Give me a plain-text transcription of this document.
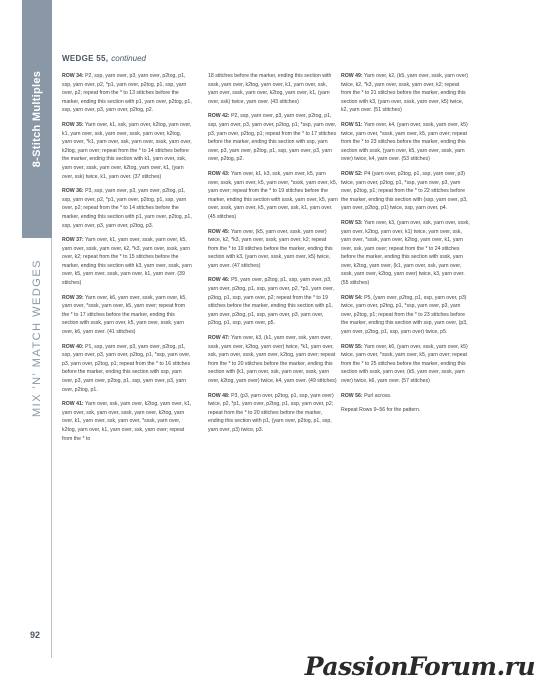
8-Stitch Multiples
MIX 'N' MATCH WEDGES
92
WEDGE 55, continued

ROW 34: P2, ssp, yarn over, p3, yarn over, p2tog, p1, ssp, yarn over, p2, *p1, yarn over, p2tog, p1, ssp, yarn over, p2; repeat from the * to 13 stitches before the marker, ending this section with p1, yarn over, p2tog, p1, ssp, yarn over, p3, yarn over, p2tog, p2.

ROW 35: Yarn over, k1, ssk, yarn over, k2tog, yarn over, k1, yarn over, ssk, yarn over, sssk, yarn over, k2tog, yarn over, *k1, yarn over, ssk, yarn over, sssk, yarn over, k2tog, yarn over; repeat from the * to 14 stitches before the marker, ending this section with k1, yarn over, ssk, yarn over, sssk, yarn over, k2tog, yarn over, k1, (yarn over, ssk) twice, k1, yarn over. (37 stitches)

ROW 36: P3, ssp, yarn over, p3, yarn over, p2tog, p1, ssp, yarn over, p2, *p1, yarn over, p2tog, p1, ssp, yarn over, p2; repeat from the * to 14 stitches before the marker, ending this section with p1, yarn over, p2tog, p1, ssp, yarn over, p3, yarn over, p2tog, p3.

ROW 37: Yarn over, k1, yarn over, sssk, yarn over, k5, yarn over, sssk, yarn over, k2, *k3, yarn over, sssk, yarn over, k2; repeat from the * to 15 stitches before the marker, ending this section with k3, yarn over, sssk, yarn over, k5, yarn over, sssk, yarn over, k1, yarn over. (39 stitches)

ROW 39: Yarn over, k6, yarn over, sssk, yarn over, k5, yarn over, *sssk, yarn over, k5, yarn over; repeat from the * to 17 stitches before the marker, ending this section with sssk, yarn over, k5, yarn over, sssk, yarn over, k6, yarn over. (41 stitches)

ROW 40: P1, ssp, yarn over, p3, yarn over, p2tog, p1, ssp, yarn over, p3, yarn over, p2tog, p1, *ssp, yarn over, p3, yarn over, p2tog, p1; repeat from the * to 16 stitches before the marker, ending this section with ssp, yarn over, p3, yarn over, p2tog, p1, ssp, yarn over, p3, yarn over, p2tog, p1.

ROW 41: Yarn over, ssk, yarn over, k2tog, yarn over, k1, yarn over, ssk, yarn over, sssk, yarn over, k2tog, yarn over, k1, yarn over, ssk, yarn over, *sssk, yarn over, k2tog, yarn over, k1, yarn over, ssk, yarn over; repeat from the * to

18 stitches before the marker, ending this section with sssk, yarn over, k2tog, yarn over, k1, yarn over, ssk, yarn over, sssk, yarn over, k2tog, yarn over, k1, (yarn over, ssk) twice, yarn over. (43 stitches)

ROW 42: P2, ssp, yarn over, p3, yarn over, p2tog, p1, ssp, yarn over, p3, yarn over, p2tog, p1; *ssp, yarn over, p3, yarn over, p2tog, p1; repeat from the * to 17 stitches before the marker, ending this section with ssp, yarn over, p3, yarn over, p2tog, p1, ssp, yarn over, p3, yarn over, p2tog, p2.

ROW 43: Yarn over, k1, k3, ssk, yarn over, k5, yarn over, sssk, yarn over, k5, yarn over, *sssk, yarn over, k5, yarn over; repeat from the * to 19 stitches before the marker, ending this section with sssk, yarn over, k5, yarn over, sssk, yarn over, k5, yarn over, ssk, k1, yarn over. (45 stitches)

ROW 45: Yarn over, (k5, yarn over, sssk, yarn over) twice, k2, *k3, yarn over, sssk, yarn over, k2; repeat from the * to 19 stitches before the marker, ending this section with k3, (yarn over, sssk, yarn over, k5) twice, yarn over. (47 stitches)

ROW 46: P5, yarn over, p2tog, p1, ssp, yarn over, p3, yarn over, p2tog, p1, ssp, yarn over, p2, *p1, yarn over, p2tog, p1, ssp, yarn over, p2; repeat from the * to 19 stitches before the marker, ending this section with p1, yarn over, p2tog, p1, ssp, yarn over, p3, yarn over, p2tog, p1, ssp, yarn over, p5.

ROW 47: Yarn over, k3, (k1, yarn over, ssk, yarn over, sssk, yarn over, k2tog, yarn over) twice, *k1, yarn over, ssk, yarn over, sssk, yarn over, k2tog, yarn over; repeat from the * to 20 stitches before the marker, ending this section with (k1, yarn over, ssk, yarn over, sssk, yarn over, k2tog, yarn over) twice, k4, yarn over. (49 stitches)

ROW 48: P3, (p3, yarn over, p2tog, p1, ssp, yarn over) twice, p2, *p1, yarn over, p2tog, p1, ssp, yarn over, p2; repeat from the * to 20 stitches before the marker, ending this section with p1, (yarn over, p2tog, p1, ssp, yarn over, p3) twice, p3.

ROW 49: Yarn over, k2, (k5, yarn over, sssk, yarn over) twice, k2, *k3, yarn over, sssk, yarn over, k2; repeat from the * to 21 stitches before the marker, ending this section with k3, (yarn over, sssk, yarn over, k5) twice, k2, yarn over. (51 stitches)

ROW 51: Yarn over, k4, (yarn over, sssk, yarn over, k5) twice, yarn over, *sssk, yarn over, k5, yarn over; repeat from the * to 23 stitches before the marker, ending this section with sssk, (yarn over, k5, yarn over, sssk, yarn over) twice, k4, yarn over. (53 stitches)

ROW 52: P4 (yarn over, p2tog, p1, ssp, yarn over, p3) twice, yarn over, p2tog, p1, *ssp, yarn over, p3, yarn over, p2tog, p1; repeat from the * to 22 stitches before the marker, ending this section with (ssp, yarn over, p3, yarn over, p2tog, p1) twice, ssp, yarn over, p4.

ROW 53: Yarn over, k3, (yarn over, ssk, yarn over, sssk, yarn over, k2tog, yarn over, k1) twice, yarn over, ssk, yarn over, *sssk, yarn over, k2tog, yarn over, k1, yarn over, ssk, yarn over; repeat from the * to 24 stitches before the marker, ending this section with sssk, yarn over, k2tog, yarn over, (k1, yarn over, ssk, yarn over, sssk, yarn over, k2tog, yarn over) twice, k3, yarn over. (55 stitches)

ROW 54: P5, (yarn over, p2tog, p1, ssp, yarn over, p3) twice, yarn over, p2tog, p1, *ssp, yarn over, p3, yarn over, p2tog, p1; repeat from the * to 23 stitches before the marker, ending this section with ssp, yarn over, (p3, yarn over, p2tog, p1, ssp, yarn over) twice, p5.

ROW 55: Yarn over, k6, (yarn over, sssk, yarn over, k5) twice, yarn over, *sssk, yarn over, k5, yarn over; repeat from the * to 25 stitches before the marker, ending this section with sssk, yarn over, (k5, yarn over, sssk, yarn over) twice, k6, yarn over. (57 stitches)

ROW 56: Purl across.

Repeat Rows 9–56 for the pattern.

PassionForum.ru
